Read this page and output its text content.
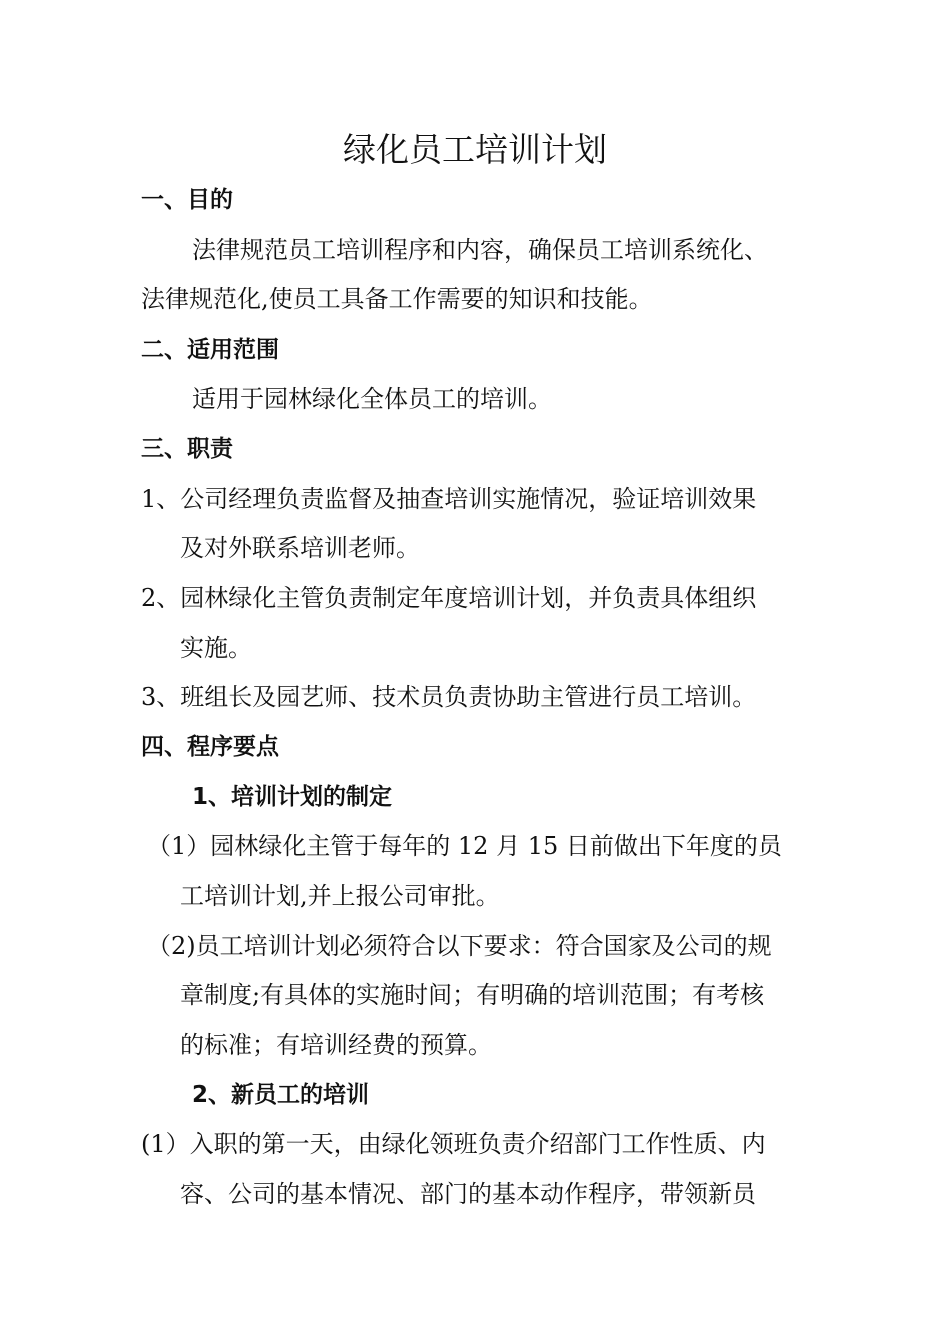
绿化员工培训计划
一、目的
法律规范员工培训程序和内容，确保员工培训系统化、
法律规范化,使员工具备工作需要的知识和技能。
二、适用范围
适用于园林绿化全体员工的培训。
三、职责
1、公司经理负责监督及抽查培训实施情况，验证培训效果
及对外联系培训老师。
2、园林绿化主管负责制定年度培训计划，并负责具体组织
实施。
3、班组长及园艺师、技术员负责协助主管进行员工培训。
四、程序要点
1、培训计划的制定
（1）园林绿化主管于每年的 12 月 15 日前做出下年度的员
工培训计划,并上报公司审批。
（2)员工培训计划必须符合以下要求：符合国家及公司的规
章制度;有具体的实施时间；有明确的培训范围；有考核
的标准；有培训经费的预算。
2、新员工的培训
(1）入职的第一天，由绿化领班负责介绍部门工作性质、内
容、公司的基本情况、部门的基本动作程序，带领新员
